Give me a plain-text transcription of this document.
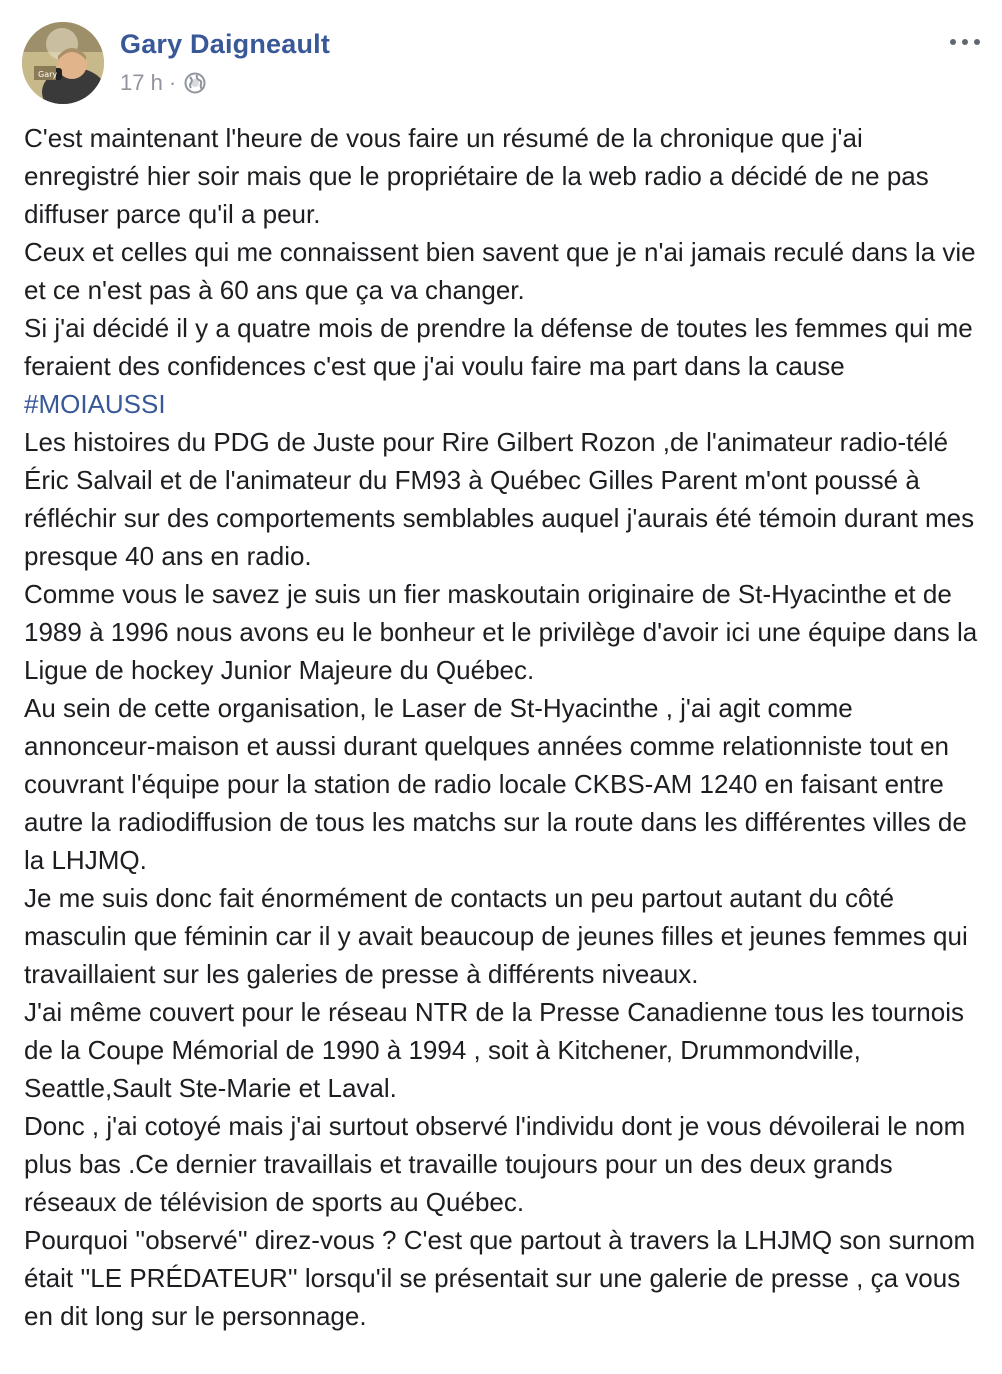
Gary
Gary Daigneault
17 h ·

C'est maintenant l'heure de vous faire un résumé de la chronique que j'ai enregistré hier soir mais que le propriétaire de la web radio a décidé de ne pas diffuser parce qu'il a peur.

Ceux et celles qui me connaissent bien savent que je n'ai jamais reculé dans la vie et ce n'est pas à 60 ans que ça va changer.

Si j'ai décidé il y a quatre mois de prendre la défense de toutes les femmes qui me feraient des confidences c'est que j'ai voulu faire ma part dans la cause #MOIAUSSI

Les histoires du PDG de Juste pour Rire Gilbert Rozon ,de l'animateur radio-télé Éric Salvail et de l'animateur du FM93 à Québec Gilles Parent m'ont poussé à réfléchir sur des comportements semblables auquel j'aurais été témoin durant mes presque 40 ans en radio.

Comme vous le savez je suis un fier maskoutain originaire de St-Hyacinthe et de 1989 à 1996 nous avons eu le bonheur et le privilège d'avoir ici une équipe dans la Ligue de hockey Junior Majeure du Québec.

Au sein de cette organisation, le Laser de St-Hyacinthe , j'ai agit comme annonceur-maison et aussi durant quelques années comme relationniste tout en couvrant l'équipe pour la station de radio locale CKBS-AM 1240 en faisant entre autre la radiodiffusion de tous les matchs sur la route dans les différentes villes de la LHJMQ.

Je me suis donc fait énormément de contacts un peu partout autant du côté masculin que féminin car il y avait beaucoup de jeunes filles et jeunes femmes qui travaillaient sur les galeries de presse à différents niveaux.

J'ai même couvert pour le réseau NTR de la Presse Canadienne tous les tournois de la Coupe Mémorial de 1990 à 1994 , soit à Kitchener, Drummondville, Seattle,Sault Ste-Marie et Laval.

Donc , j'ai cotoyé mais j'ai surtout observé l'individu dont je vous dévoilerai le nom plus bas .Ce dernier travaillais et travaille toujours pour un des deux grands réseaux de télévision de sports au Québec.

Pourquoi ''observé'' direz-vous ? C'est que partout à travers la LHJMQ son surnom était ''LE PRÉDATEUR'' lorsqu'il se présentait sur une galerie de presse , ça vous en dit long sur le personnage.
